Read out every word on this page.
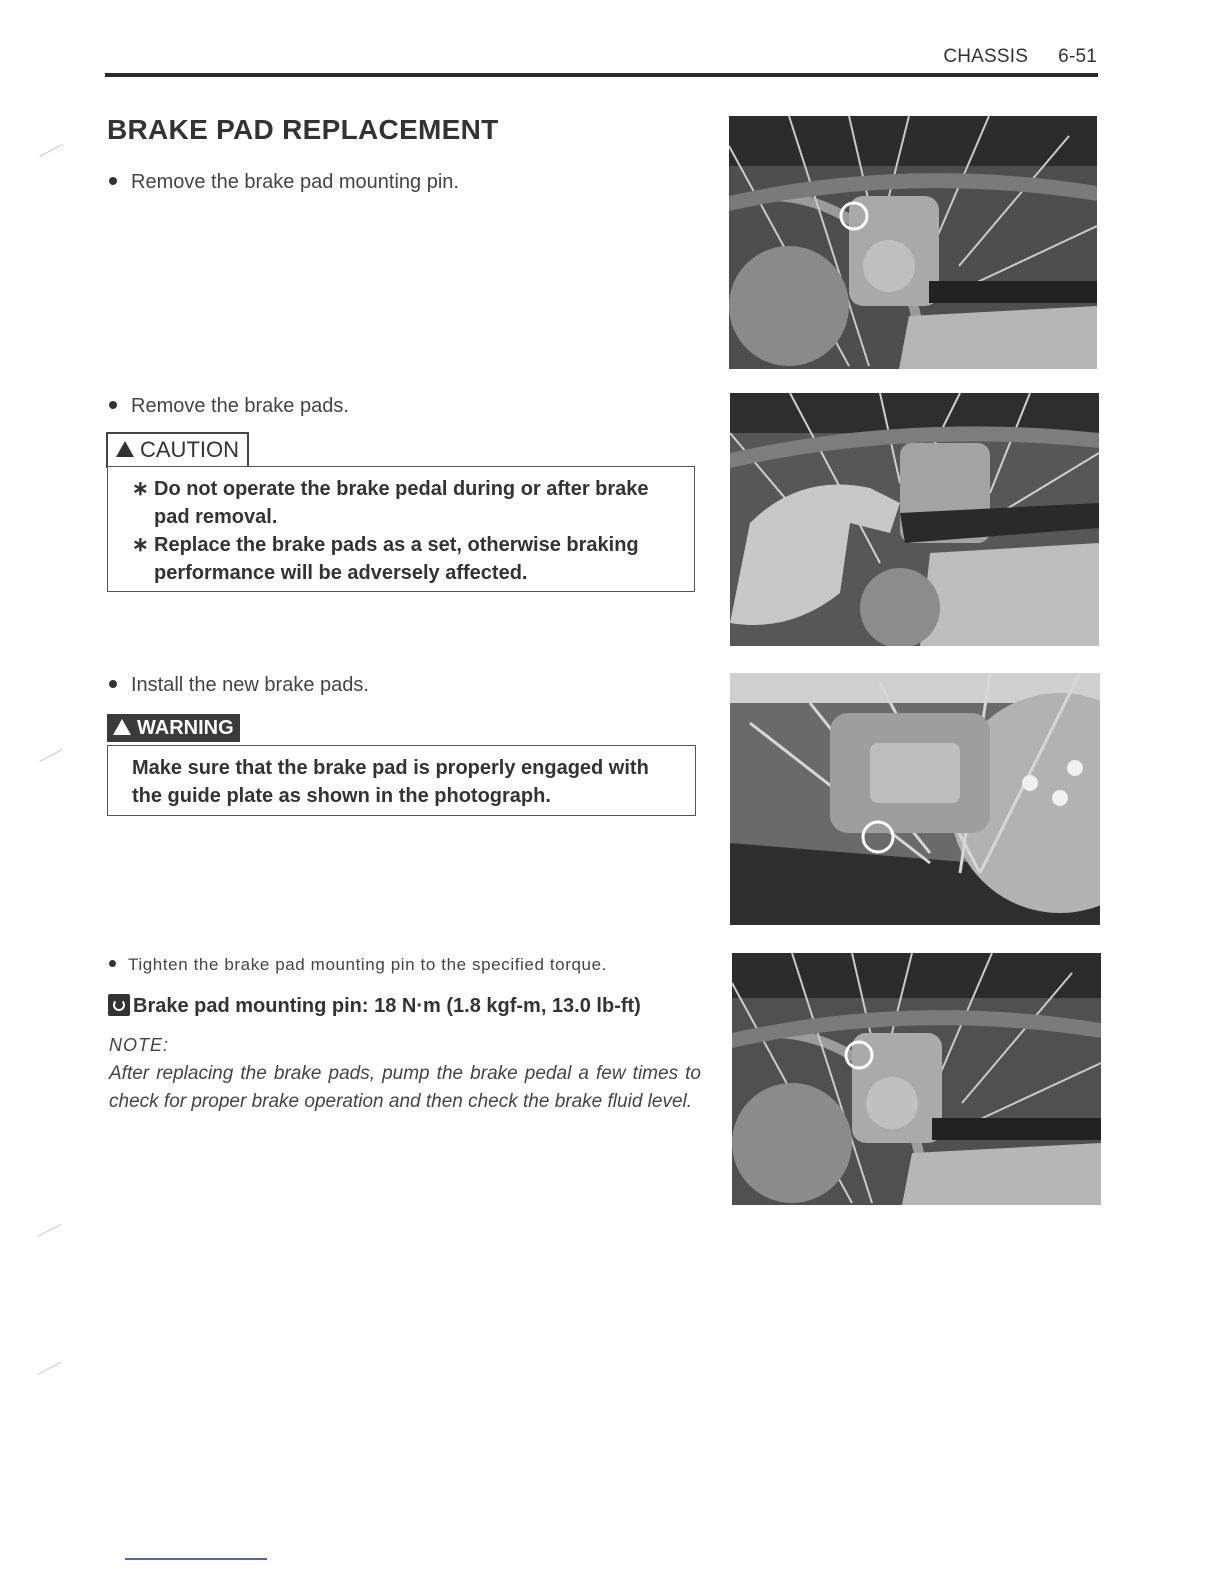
CHASSIS 6-51
BRAKE PAD REPLACEMENT
Remove the brake pad mounting pin.
Remove the brake pads.
CAUTION
∗ Do not operate the brake pedal during or after brake
pad removal.
∗ Replace the brake pads as a set, otherwise braking
performance will be adversely affected.
Install the new brake pads.
WARNING
Make sure that the brake pad is properly engaged with
the guide plate as shown in the photograph.
Tighten the brake pad mounting pin to the specified torque.
Brake pad mounting pin: 18 N·m (1.8 kgf-m, 13.0 lb-ft)
NOTE:
After replacing the brake pads, pump the brake pedal a few times to check for proper brake operation and then check the brake fluid level.
